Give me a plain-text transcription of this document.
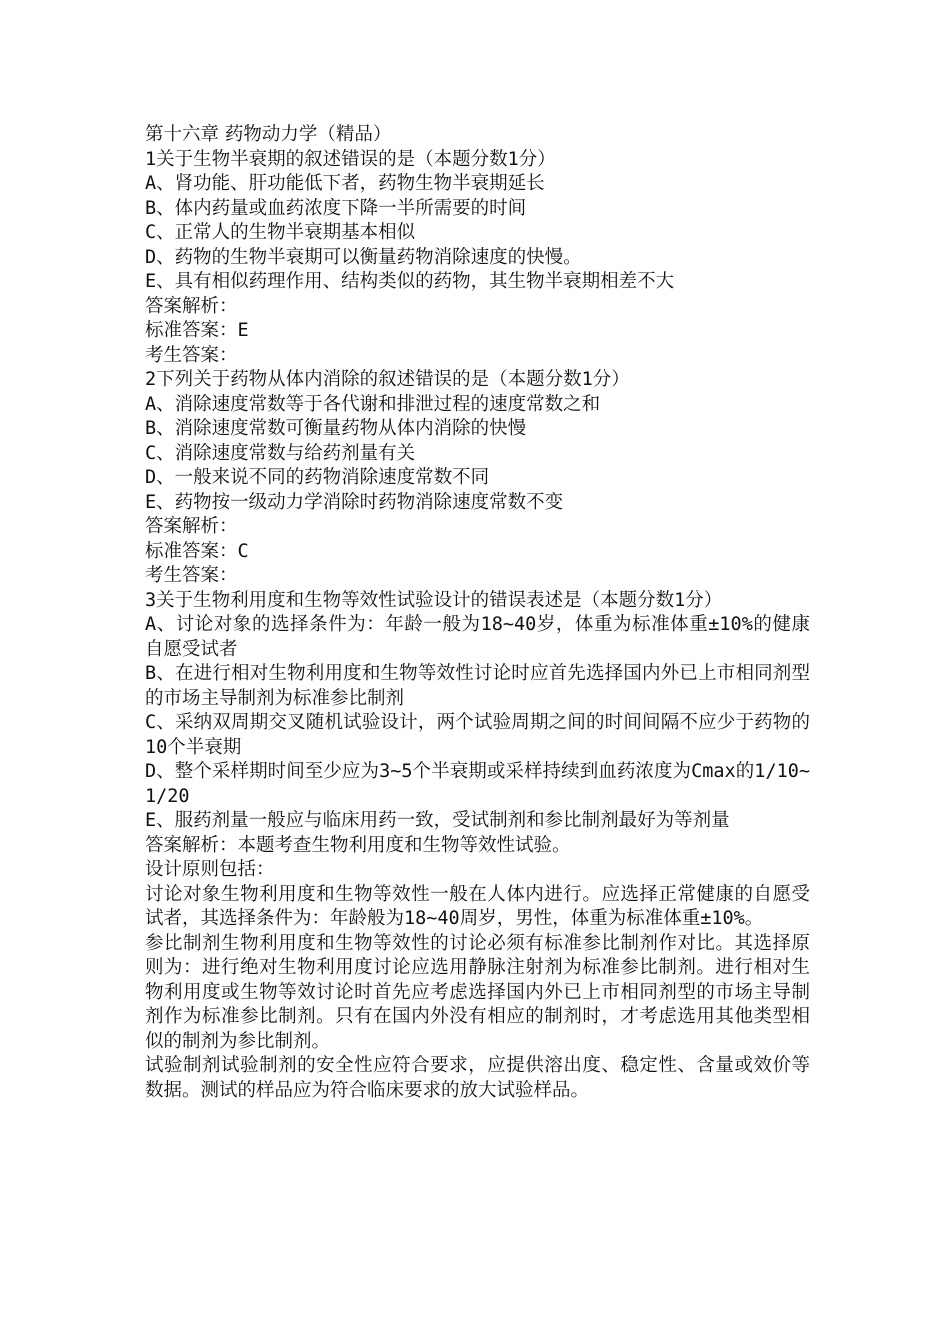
第十六章 药物动力学（精品）

1关于生物半衰期的叙述错误的是（本题分数1分）

A、肾功能、肝功能低下者，药物生物半衰期延长

B、体内药量或血药浓度下降一半所需要的时间

C、正常人的生物半衰期基本相似

D、药物的生物半衰期可以衡量药物消除速度的快慢。

E、具有相似药理作用、结构类似的药物，其生物半衰期相差不大

答案解析：

标准答案：E

考生答案：

2下列关于药物从体内消除的叙述错误的是（本题分数1分）

A、消除速度常数等于各代谢和排泄过程的速度常数之和

B、消除速度常数可衡量药物从体内消除的快慢

C、消除速度常数与给药剂量有关

D、一般来说不同的药物消除速度常数不同

E、药物按一级动力学消除时药物消除速度常数不变

答案解析：

标准答案：C

考生答案：

3关于生物利用度和生物等效性试验设计的错误表述是（本题分数1分）

A、讨论对象的选择条件为：年龄一般为18~40岁，体重为标准体重±10%的健康自愿受试者

B、在进行相对生物利用度和生物等效性讨论时应首先选择国内外已上市相同剂型的市场主导制剂为标准参比制剂

C、采纳双周期交叉随机试验设计，两个试验周期之间的时间间隔不应少于药物的10个半衰期

D、整个采样期时间至少应为3~5个半衰期或采样持续到血药浓度为Cmax的1/10~1/20

E、服药剂量一般应与临床用药一致，受试制剂和参比制剂最好为等剂量

答案解析：本题考查生物利用度和生物等效性试验。

设计原则包括：

讨论对象生物利用度和生物等效性一般在人体内进行。应选择正常健康的自愿受试者，其选择条件为：年龄般为18~40周岁，男性，体重为标准体重±10%。

参比制剂生物利用度和生物等效性的讨论必须有标准参比制剂作对比。其选择原则为：进行绝对生物利用度讨论应选用静脉注射剂为标准参比制剂。进行相对生物利用度或生物等效讨论时首先应考虑选择国内外已上市相同剂型的市场主导制剂作为标准参比制剂。只有在国内外没有相应的制剂时，才考虑选用其他类型相似的制剂为参比制剂。

试验制剂试验制剂的安全性应符合要求，应提供溶出度、稳定性、含量或效价等数据。测试的样品应为符合临床要求的放大试验样品。
